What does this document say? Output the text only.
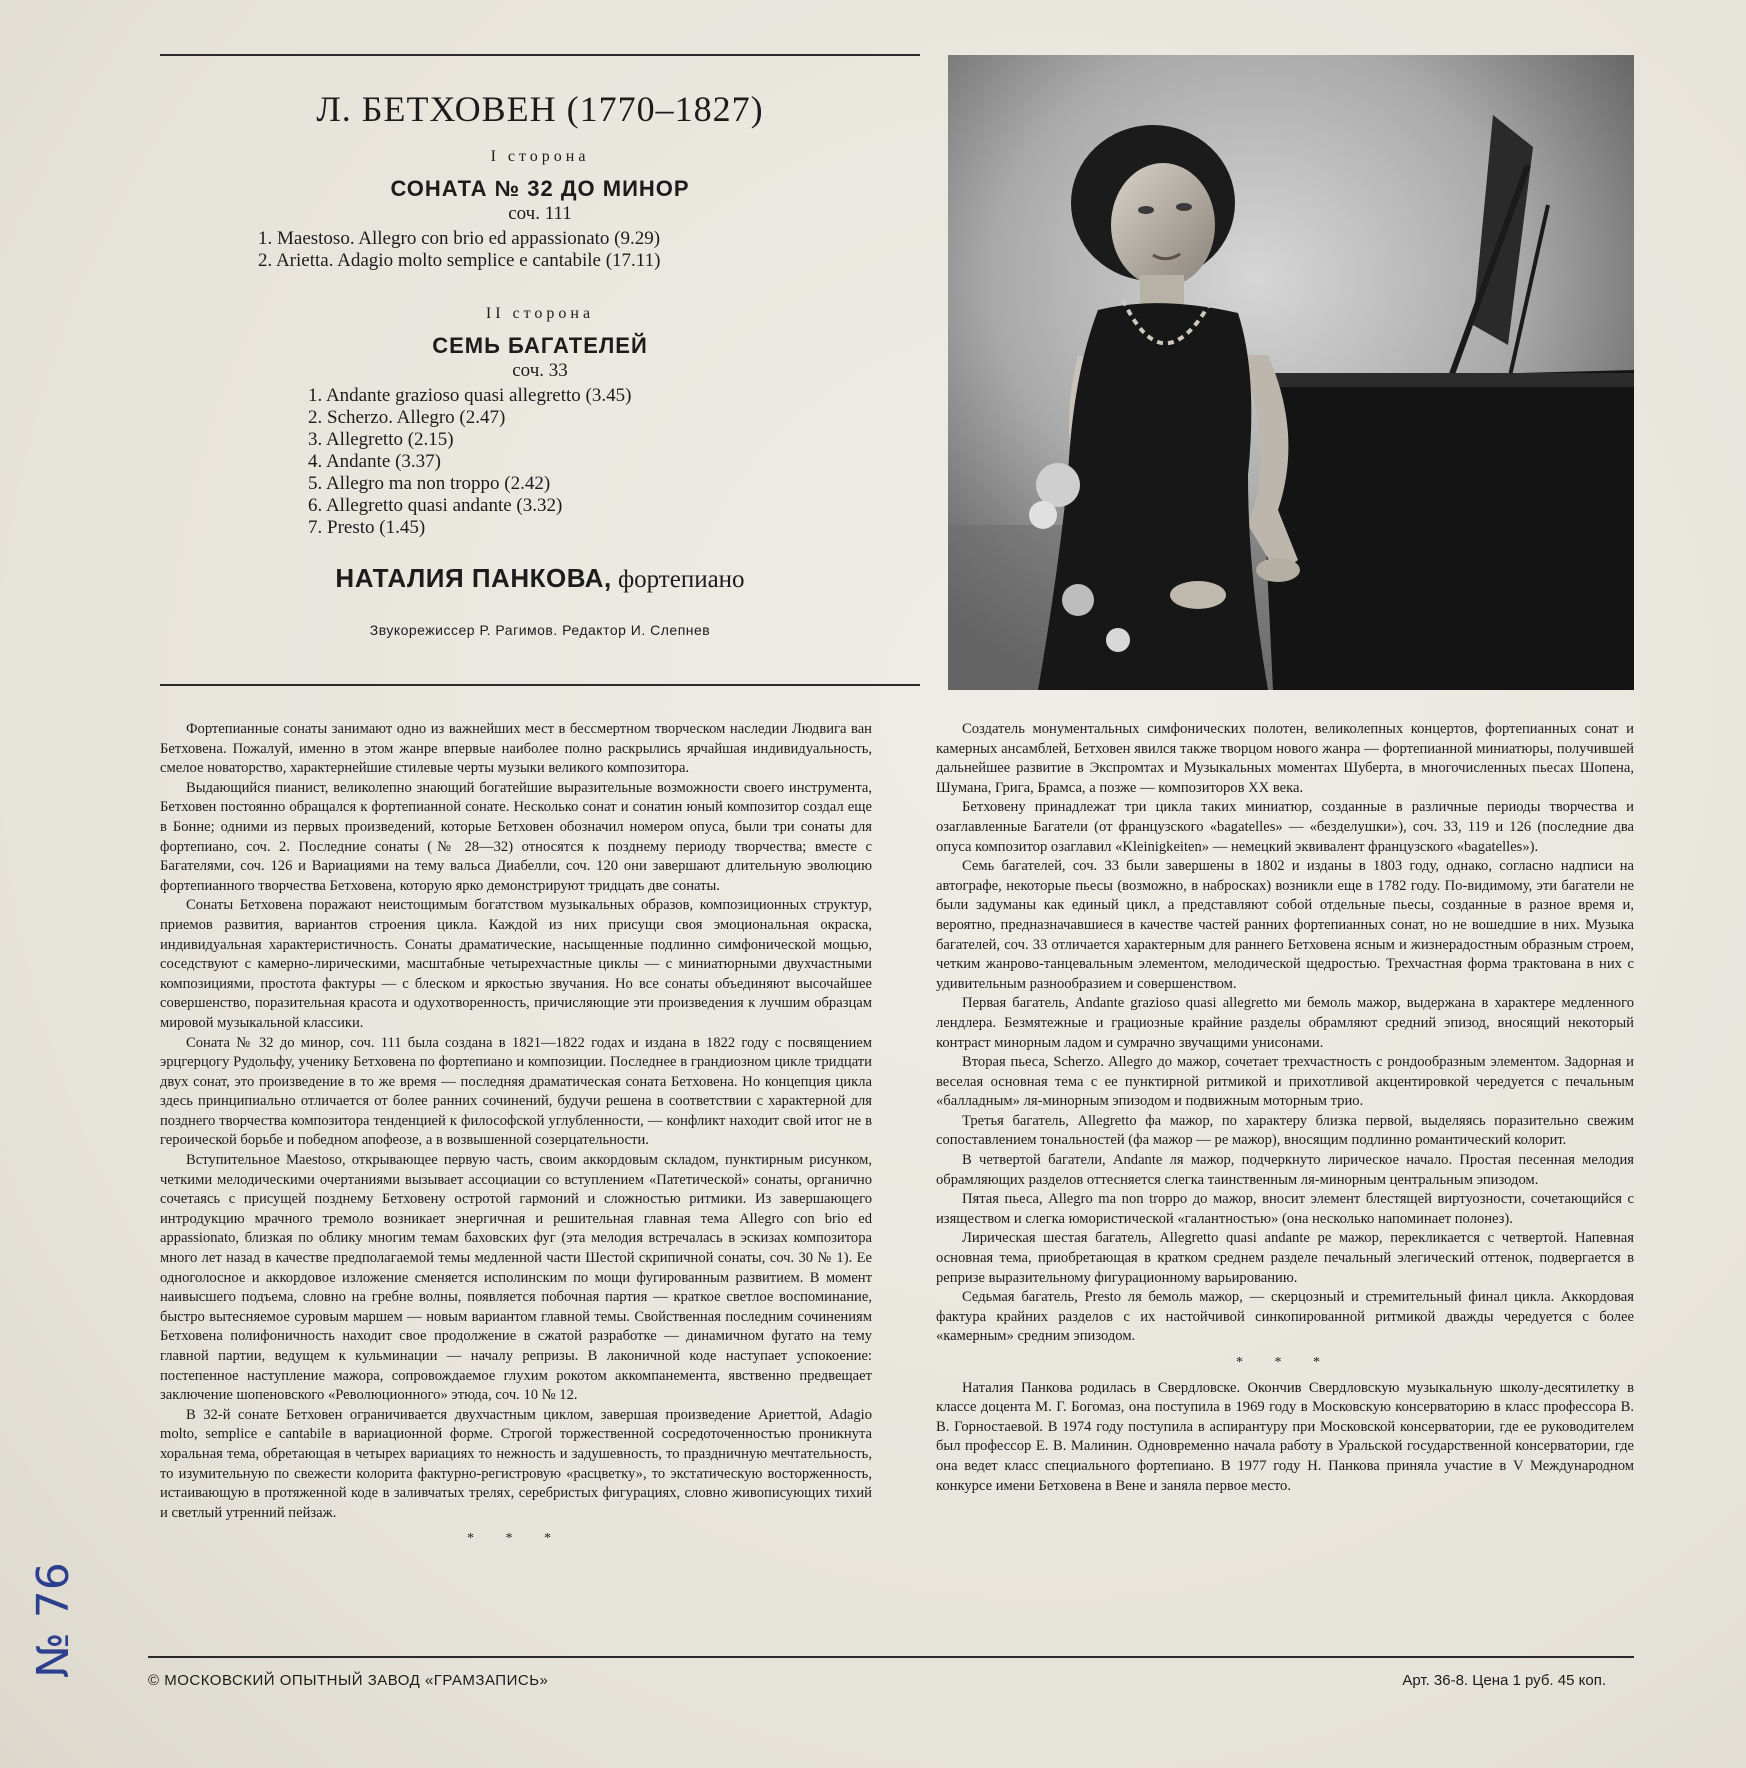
Л. БЕТХОВЕН (1770–1827)
I сторона
СОНАТА № 32 ДО МИНОР
соч. 111
1. Maestoso. Allegro con brio ed appassionato (9.29)
2. Arietta. Adagio molto semplice e cantabile (17.11)
II сторона
СЕМЬ БАГАТЕЛЕЙ
соч. 33
1. Andante grazioso quasi allegretto (3.45)
2. Scherzo. Allegro (2.47)
3. Allegretto (2.15)
4. Andante (3.37)
5. Allegro ma non troppo (2.42)
6. Allegretto quasi andante (3.32)
7. Presto (1.45)
НАТАЛИЯ ПАНКОВА, фортепиано
Звукорежиссер Р. Рагимов. Редактор И. Слепнев

Фортепианные сонаты занимают одно из важнейших мест в бессмертном творческом наследии Людвига ван Бетховена. Пожалуй, именно в этом жанре впервые наиболее полно раскрылись ярчайшая индивидуальность, смелое новаторство, характернейшие стилевые черты музыки великого композитора.

Выдающийся пианист, великолепно знающий богатейшие выразительные возможности своего инструмента, Бетховен постоянно обращался к фортепианной сонате. Несколько сонат и сонатин юный композитор создал еще в Бонне; одними из первых произведений, которые Бетховен обозначил номером опуса, были три сонаты для фортепиано, соч. 2. Последние сонаты (№ 28—32) относятся к позднему периоду творчества; вместе с Багателями, соч. 126 и Вариациями на тему вальса Диабелли, соч. 120 они завершают длительную эволюцию фортепианного творчества Бетховена, которую ярко демонстрируют тридцать две сонаты.

Сонаты Бетховена поражают неистощимым богатством музыкальных образов, композиционных структур, приемов развития, вариантов строения цикла. Каждой из них присущи своя эмоциональная окраска, индивидуальная характеристичность. Сонаты драматические, насыщенные подлинно симфонической мощью, соседствуют с камерно-лирическими, масштабные четырехчастные циклы — с миниатюрными двухчастными композициями, простота фактуры — с блеском и яркостью звучания. Но все сонаты объединяют высочайшее совершенство, поразительная красота и одухотворенность, причисляющие эти произведения к лучшим образцам мировой музыкальной классики.

Соната № 32 до минор, соч. 111 была создана в 1821—1822 годах и издана в 1822 году с посвящением эрцгерцогу Рудольфу, ученику Бетховена по фортепиано и композиции. Последнее в грандиозном цикле тридцати двух сонат, это произведение в то же время — последняя драматическая соната Бетховена. Но концепция цикла здесь принципиально отличается от более ранних сочинений, будучи решена в соответствии с характерной для позднего творчества композитора тенденцией к философской углубленности, — конфликт находит свой итог не в героической борьбе и победном апофеозе, а в возвышенной созерцательности.

Вступительное Maestoso, открывающее первую часть, своим аккордовым складом, пунктирным рисунком, четкими мелодическими очертаниями вызывает ассоциации со вступлением «Патетической» сонаты, органично сочетаясь с присущей позднему Бетховену остротой гармоний и сложностью ритмики. Из завершающего интродукцию мрачного тремоло возникает энергичная и решительная главная тема Allegro con brio ed appassionato, близкая по облику многим темам баховских фуг (эта мелодия встречалась в эскизах композитора много лет назад в качестве предполагаемой темы медленной части Шестой скрипичной сонаты, соч. 30 № 1). Ее одноголосное и аккордовое изложение сменяется исполинским по мощи фугированным развитием. В момент наивысшего подъема, словно на гребне волны, появляется побочная партия — краткое светлое воспоминание, быстро вытесняемое суровым маршем — новым вариантом главной темы. Свойственная последним сочинениям Бетховена полифоничность находит свое продолжение в сжатой разработке — динамичном фугато на тему главной партии, ведущем к кульминации — началу репризы. В лаконичной коде наступает успокоение: постепенное наступление мажора, сопровождаемое глухим рокотом аккомпанемента, явственно предвещает заключение шопеновского «Революционного» этюда, соч. 10 № 12.

В 32-й сонате Бетховен ограничивается двухчастным циклом, завершая произведение Ариеттой, Adagio molto, semplice e cantabile в вариационной форме. Строгой торжественной сосредоточенностью проникнута хоральная тема, обретающая в четырех вариациях то нежность и задушевность, то праздничную мечтательность, то изумительную по свежести колорита фактурно-регистровую «расцветку», то экстатическую восторженность, истаивающую в протяженной коде в заливчатых трелях, серебристых фигурациях, словно живописующих тихий и светлый утренний пейзаж.

* * *

Создатель монументальных симфонических полотен, великолепных концертов, фортепианных сонат и камерных ансамблей, Бетховен явился также творцом нового жанра — фортепианной миниатюры, получившей дальнейшее развитие в Экспромтах и Музыкальных моментах Шуберта, в многочисленных пьесах Шопена, Шумана, Грига, Брамса, а позже — композиторов XX века.

Бетховену принадлежат три цикла таких миниатюр, созданные в различные периоды творчества и озаглавленные Багатели (от французского «bagatelles» — «безделушки»), соч. 33, 119 и 126 (последние два опуса композитор озаглавил «Kleinigkeiten» — немецкий эквивалент французского «bagatelles»).

Семь багателей, соч. 33 были завершены в 1802 и изданы в 1803 году, однако, согласно надписи на автографе, некоторые пьесы (возможно, в набросках) возникли еще в 1782 году. По-видимому, эти багатели не были задуманы как единый цикл, а представляют собой отдельные пьесы, созданные в разное время и, вероятно, предназначавшиеся в качестве частей ранних фортепианных сонат, но не вошедшие в них. Музыка багателей, соч. 33 отличается характерным для раннего Бетховена ясным и жизнерадостным образным строем, четким жанрово-танцевальным элементом, мелодической щедростью. Трехчастная форма трактована в них с удивительным разнообразием и совершенством.

Первая багатель, Andante grazioso quasi allegretto ми бемоль мажор, выдержана в характере медленного лендлера. Безмятежные и грациозные крайние разделы обрамляют средний эпизод, вносящий некоторый контраст минорным ладом и сумрачно звучащими унисонами.

Вторая пьеса, Scherzo. Allegro до мажор, сочетает трехчастность с рондообразным элементом. Задорная и веселая основная тема с ее пунктирной ритмикой и прихотливой акцентировкой чередуется с печальным «балладным» ля-минорным эпизодом и подвижным моторным трио.

Третья багатель, Allegretto фа мажор, по характеру близка первой, выделяясь поразительно свежим сопоставлением тональностей (фа мажор — ре мажор), вносящим подлинно романтический колорит.

В четвертой багатели, Andante ля мажор, подчеркнуто лирическое начало. Простая песенная мелодия обрамляющих разделов оттесняется слегка таинственным ля-минорным центральным эпизодом.

Пятая пьеса, Allegro ma non troppo до мажор, вносит элемент блестящей виртуозности, сочетающийся с изяществом и слегка юмористической «галантностью» (она несколько напоминает полонез).

Лирическая шестая багатель, Allegretto quasi andante ре мажор, перекликается с четвертой. Напевная основная тема, приобретающая в кратком среднем разделе печальный элегический оттенок, подвергается в репризе выразительному фигурационному варьированию.

Седьмая багатель, Presto ля бемоль мажор, — скерцозный и стремительный финал цикла. Аккордовая фактура крайних разделов с их настойчивой синкопированной ритмикой дважды чередуется с более «камерным» средним эпизодом.

* * *

Наталия Панкова родилась в Свердловске. Окончив Свердловскую музыкальную школу-десятилетку в классе доцента М. Г. Богомаз, она поступила в 1969 году в Московскую консерваторию в класс профессора В. В. Горностаевой. В 1974 году поступила в аспирантуру при Московской консерватории, где ее руководителем был профессор Е. В. Малинин. Одновременно начала работу в Уральской государственной консерватории, где она ведет класс специального фортепиано. В 1977 году Н. Панкова приняла участие в V Международном конкурсе имени Бетховена в Вене и заняла первое место.

© МОСКОВСКИЙ ОПЫТНЫЙ ЗАВОД «ГРАМЗАПИСЬ»	Арт. 36-8. Цена 1 руб. 45 коп.
№ 76
